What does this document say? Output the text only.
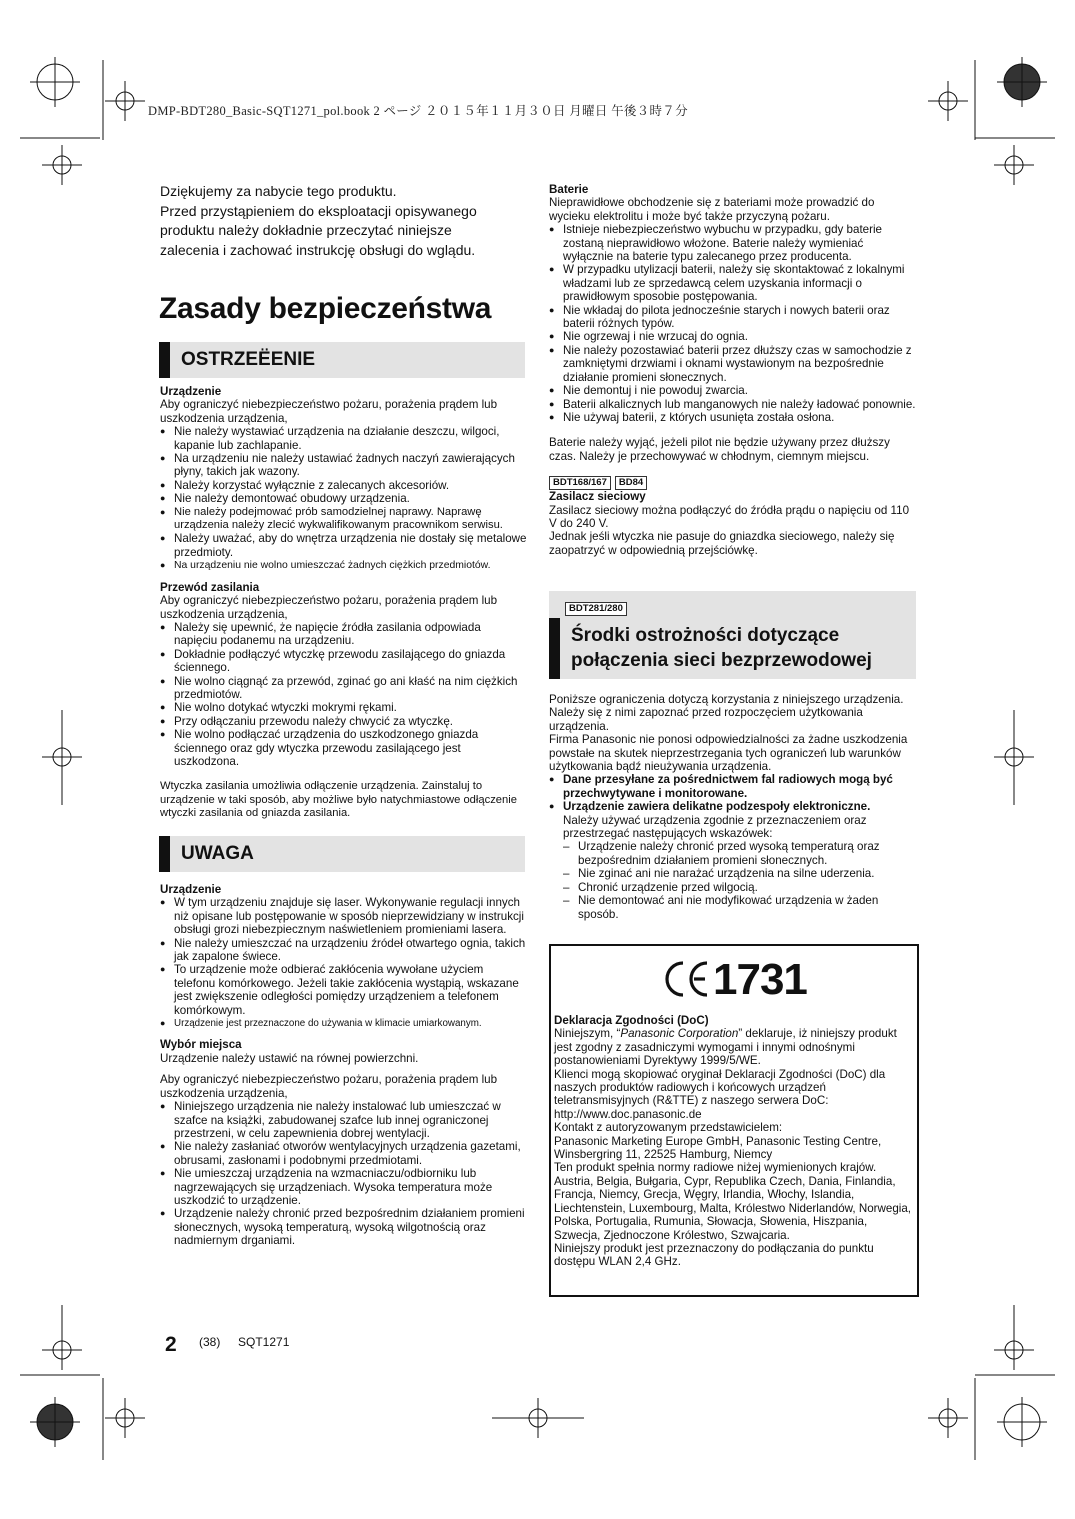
DMP-BDT280_Basic-SQT1271_pol.book 2 ページ ２０１５年１１月３０日 月曜日 午後３時７分

Dziękujemy za nabycie tego produktu.

Przed przystąpieniem do eksploatacji opisywanego

produktu należy dokładnie przeczytać niniejsze

zalecenia i zachować instrukcję obsługi do wglądu.

Zasady bezpieczeństwa
OSTRZEËENIE

Urządzenie

Aby ograniczyć niebezpieczeństwo pożaru, porażenia prądem lub uszkodzenia urządzenia,

● Nie należy wystawiać urządzenia na działanie deszczu, wilgoci, kapanie lub zachlapanie.
● Na urządzeniu nie należy ustawiać żadnych naczyń zawierających płyny, takich jak wazony.
● Należy korzystać wyłącznie z zalecanych akcesoriów.
● Nie należy demontować obudowy urządzenia.
● Nie należy podejmować prób samodzielnej naprawy. Naprawę urządzenia należy zlecić wykwalifikowanym pracownikom serwisu.
● Należy uważać, aby do wnętrza urządzenia nie dostały się metalowe przedmioty.
● Na urządzeniu nie wolno umieszczać żadnych ciężkich przedmiotów.

Przewód zasilania

Aby ograniczyć niebezpieczeństwo pożaru, porażenia prądem lub uszkodzenia urządzenia,

● Należy się upewnić, że napięcie źródła zasilania odpowiada napięciu podanemu na urządzeniu.
● Dokładnie podłączyć wtyczkę przewodu zasilającego do gniazda ściennego.
● Nie wolno ciągnąć za przewód, zginać go ani kłaść na nim ciężkich przedmiotów.
● Nie wolno dotykać wtyczki mokrymi rękami.
● Przy odłączaniu przewodu należy chwycić za wtyczkę.
● Nie wolno podłączać urządzenia do uszkodzonego gniazda ściennego oraz gdy wtyczka przewodu zasilającego jest uszkodzona.

Wtyczka zasilania umożliwia odłączenie urządzenia. Zainstaluj to urządzenie w taki sposób, aby możliwe było natychmiastowe odłączenie wtyczki zasilania od gniazda zasilania.

UWAGA

Urządzenie

● W tym urządzeniu znajduje się laser. Wykonywanie regulacji innych niż opisane lub postępowanie w sposób nieprzewidziany w instrukcji obsługi grozi niebezpiecznym naświetleniem promieniami lasera.
● Nie należy umieszczać na urządzeniu źródeł otwartego ognia, takich jak zapalone świece.
● To urządzenie może odbierać zakłócenia wywołane użyciem telefonu komórkowego. Jeżeli takie zakłócenia wystąpią, wskazane jest zwiększenie odległości pomiędzy urządzeniem a telefonem komórkowym.
● Urządzenie jest przeznaczone do używania w klimacie umiarkowanym.

Wybór miejsca

Urządzenie należy ustawić na równej powierzchni.

Aby ograniczyć niebezpieczeństwo pożaru, porażenia prądem lub uszkodzenia urządzenia,

● Niniejszego urządzenia nie należy instalować lub umieszczać w szafce na książki, zabudowanej szafce lub innej ograniczonej przestrzeni, w celu zapewnienia dobrej wentylacji.
● Nie należy zasłaniać otworów wentylacyjnych urządzenia gazetami, obrusami, zasłonami i podobnymi przedmiotami.
● Nie umieszczaj urządzenia na wzmacniaczu/odbiorniku lub nagrzewających się urządzeniach. Wysoka temperatura może uszkodzić to urządzenie.
● Urządzenie należy chronić przed bezpośrednim działaniem promieni słonecznych, wysoką temperaturą, wysoką wilgotnością oraz nadmiernym drganiami.

Baterie

Nieprawidłowe obchodzenie się z bateriami może prowadzić do wycieku elektrolitu i może być także przyczyną pożaru.

● Istnieje niebezpieczeństwo wybuchu w przypadku, gdy baterie zostaną nieprawidłowo włożone. Baterie należy wymieniać wyłącznie na baterie typu zalecanego przez producenta.
● W przypadku utylizacji baterii, należy się skontaktować z lokalnymi władzami lub ze sprzedawcą celem uzyskania informacji o prawidłowym sposobie postępowania.
● Nie wkładaj do pilota jednocześnie starych i nowych baterii oraz baterii różnych typów.
● Nie ogrzewaj i nie wrzucaj do ognia.
● Nie należy pozostawiać baterii przez dłuższy czas w samochodzie z zamkniętymi drzwiami i oknami wystawionym na bezpośrednie działanie promieni słonecznych.
● Nie demontuj i nie powoduj zwarcia.
● Baterii alkalicznych lub manganowych nie należy ładować ponownie.
● Nie używaj baterii, z których usunięta została osłona.

Baterie należy wyjąć, jeżeli pilot nie będzie używany przez dłuższy czas. Należy je przechowywać w chłodnym, ciemnym miejscu.

BDT168/167 BD84

Zasilacz sieciowy

Zasilacz sieciowy można podłączyć do źródła prądu o napięciu od 110 V do 240 V.

Jednak jeśli wtyczka nie pasuje do gniazdka sieciowego, należy się zaopatrzyć w odpowiednią przejściówkę.

BDT281/280
Środki ostrożności dotyczące
połączenia sieci bezprzewodowej

Poniższe ograniczenia dotyczą korzystania z niniejszego urządzenia. Należy się z nimi zapoznać przed rozpoczęciem użytkowania urządzenia.

Firma Panasonic nie ponosi odpowiedzialności za żadne uszkodzenia powstałe na skutek nieprzestrzegania tych ograniczeń lub warunków użytkowania bądź nieużywania urządzenia.

● Dane przesyłane za pośrednictwem fal radiowych mogą być przechwytywane i monitorowane.
● Urządzenie zawiera delikatne podzespoły elektroniczne.
Należy używać urządzenia zgodnie z przeznaczeniem oraz przestrzegać następujących wskazówek:
– Urządzenie należy chronić przed wysoką temperaturą oraz bezpośrednim działaniem promieni słonecznych.
– Nie zginać ani nie narażać urządzenia na silne uderzenia.
– Chronić urządzenie przed wilgocią.
– Nie demontować ani nie modyfikować urządzenia w żaden sposób.
1731

Deklaracja Zgodności (DoC)

Niniejszym, “Panasonic Corporation” deklaruje, iż niniejszy produkt jest zgodny z zasadniczymi wymogami i innymi odnośnymi postanowieniami Dyrektywy 1999/5/WE.

Klienci mogą skopiować oryginał Deklaracji Zgodności (DoC) dla naszych produktów radiowych i końcowych urządzeń teletransmisyjnych (R&TTE) z naszego serwera DoC:

http://www.doc.panasonic.de

Kontakt z autoryzowanym przedstawicielem:

Panasonic Marketing Europe GmbH, Panasonic Testing Centre, Winsbergring 11, 22525 Hamburg, Niemcy

Ten produkt spełnia normy radiowe niżej wymienionych krajów.

Austria, Belgia, Bułgaria, Cypr, Republika Czech, Dania, Finlandia, Francja, Niemcy, Grecja, Węgry, Irlandia, Włochy, Islandia, Liechtenstein, Luxembourg, Malta, Królestwo Niderlandów, Norwegia, Polska, Portugalia, Rumunia, Słowacja, Słowenia, Hiszpania, Szwecja, Zjednoczone Królestwo, Szwajcaria.

Niniejszy produkt jest przeznaczony do podłączania do punktu dostępu WLAN 2,4 GHz.

2 (38) SQT1271
